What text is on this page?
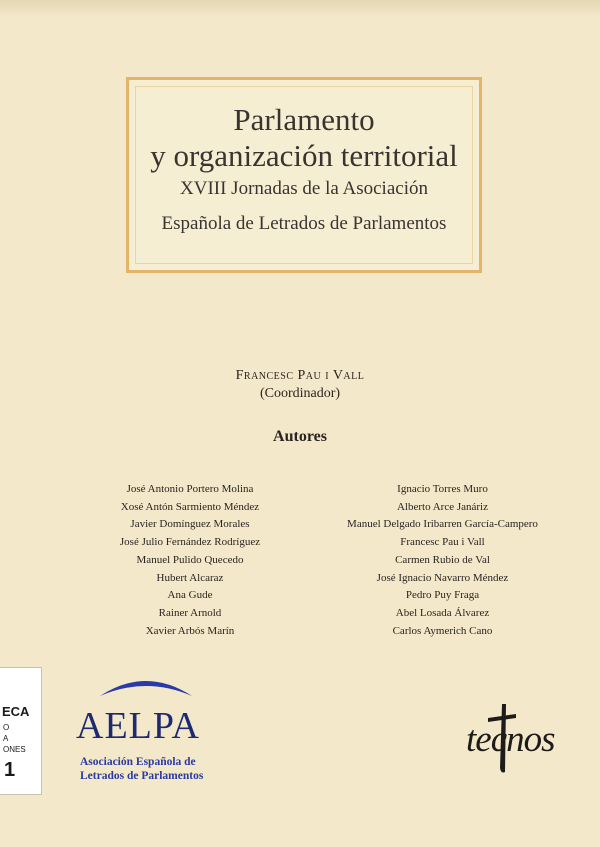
Parlamento
y organización territorial
XVIII Jornadas de la Asociación
Española de Letrados de Parlamentos
Francesc Pau i Vall
(Coordinador)
Autores
José Antonio Portero Molina
Xosé Antón Sarmiento Méndez
Javier Domínguez Morales
José Julio Fernández Rodríguez
Manuel Pulido Quecedo
Hubert Alcaraz
Ana Gude
Rainer Arnold
Xavier Arbós Marín
Ignacio Torres Muro
Alberto Arce Janáriz
Manuel Delgado Iribarren García-Campero
Francesc Pau i Vall
Carmen Rubio de Val
José Ignacio Navarro Méndez
Pedro Puy Fraga
Abel Losada Álvarez
Carlos Aymerich Cano
ECA
O
A
ONES
1
AELPA
Asociación Española de
Letrados de Parlamentos
tecnos
